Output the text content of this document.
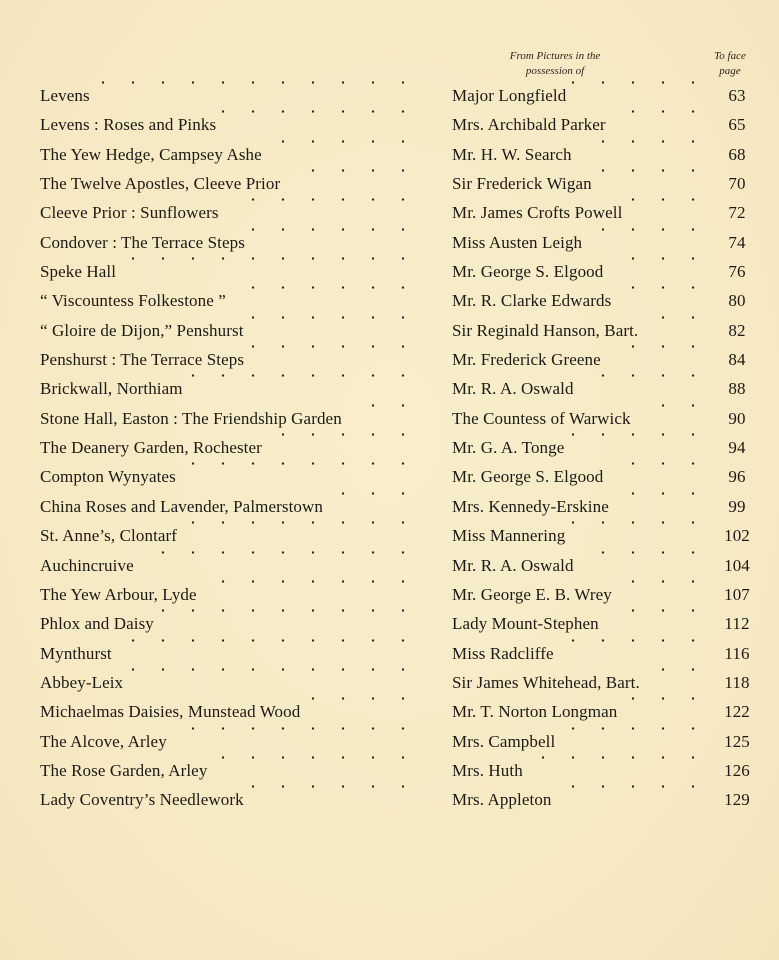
From Pictures in the
possession of
To face
page
Levens	Major Longfield	63
Levens : Roses and Pinks	Mrs. Archibald Parker	65
The Yew Hedge, Campsey Ashe	Mr. H. W. Search	68
The Twelve Apostles, Cleeve Prior	Sir Frederick Wigan	70
Cleeve Prior : Sunflowers	Mr. James Crofts Powell	72
Condover : The Terrace Steps	Miss Austen Leigh	74
Speke Hall	Mr. George S. Elgood	76
“ Viscountess Folkestone ”	Mr. R. Clarke Edwards	80
“ Gloire de Dijon,” Penshurst	Sir Reginald Hanson, Bart.	82
Penshurst : The Terrace Steps	Mr. Frederick Greene	84
Brickwall, Northiam	Mr. R. A. Oswald	88
Stone Hall, Easton : The Friendship Garden	The Countess of Warwick	90
The Deanery Garden, Rochester	Mr. G. A. Tonge	94
Compton Wynyates	Mr. George S. Elgood	96
China Roses and Lavender, Palmerstown	Mrs. Kennedy-Erskine	99
St. Anne’s, Clontarf	Miss Mannering	102
Auchincruive	Mr. R. A. Oswald	104
The Yew Arbour, Lyde	Mr. George E. B. Wrey	107
Phlox and Daisy	Lady Mount-Stephen	112
Mynthurst	Miss Radcliffe	116
Abbey-Leix	Sir James Whitehead, Bart.	118
Michaelmas Daisies, Munstead Wood	Mr. T. Norton Longman	122
The Alcove, Arley	Mrs. Campbell	125
The Rose Garden, Arley	Mrs. Huth	126
Lady Coventry’s Needlework	Mrs. Appleton	129
